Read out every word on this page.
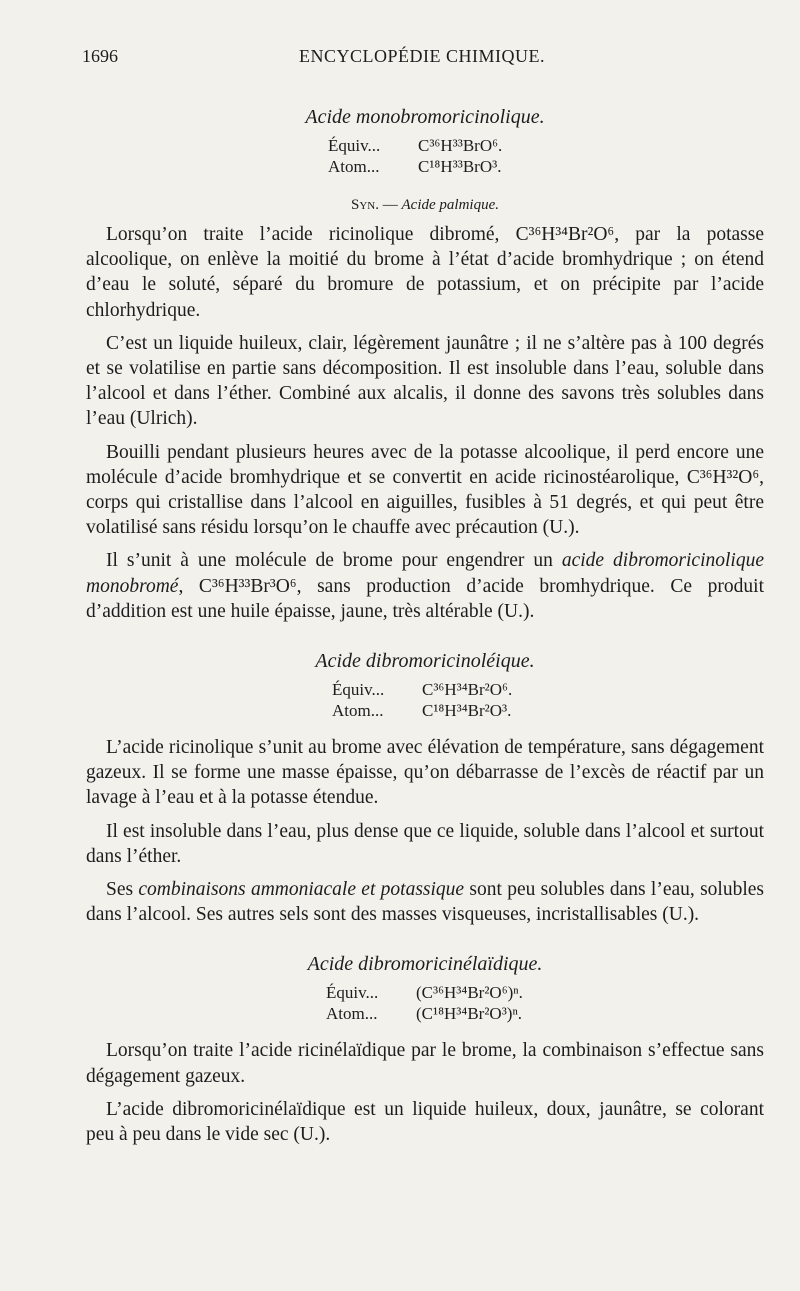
1696	ENCYCLOPÉDIE CHIMIQUE.
Acide monobromoricinolique.
Équiv... C³⁶H³³BrO⁶.
Atom... C¹⁸H³³BrO³.
Syn. — Acide palmique.

Lorsqu’on traite l’acide ricinolique dibromé, C³⁶H³⁴Br²O⁶, par la potasse alcoolique, on enlève la moitié du brome à l’état d’acide bromhydrique ; on étend d’eau le soluté, séparé du bromure de potassium, et on précipite par l’acide chlorhydrique.

C’est un liquide huileux, clair, légèrement jaunâtre ; il ne s’altère pas à 100 degrés et se volatilise en partie sans décomposition. Il est insoluble dans l’eau, soluble dans l’alcool et dans l’éther. Combiné aux alcalis, il donne des savons très solubles dans l’eau (Ulrich).

Bouilli pendant plusieurs heures avec de la potasse alcoolique, il perd encore une molécule d’acide bromhydrique et se convertit en acide ricinostéarolique, C³⁶H³²O⁶, corps qui cristallise dans l’alcool en aiguilles, fusibles à 51 degrés, et qui peut être volatilisé sans résidu lorsqu’on le chauffe avec précaution (U.).

Il s’unit à une molécule de brome pour engendrer un acide dibromoricinolique monobromé, C³⁶H³³Br³O⁶, sans production d’acide bromhydrique. Ce produit d’addition est une huile épaisse, jaune, très altérable (U.).

Acide dibromoricinoléique.
Équiv... C³⁶H³⁴Br²O⁶.
Atom... C¹⁸H³⁴Br²O³.

L’acide ricinolique s’unit au brome avec élévation de température, sans dégagement gazeux. Il se forme une masse épaisse, qu’on débarrasse de l’excès de réactif par un lavage à l’eau et à la potasse étendue.

Il est insoluble dans l’eau, plus dense que ce liquide, soluble dans l’alcool et surtout dans l’éther.

Ses combinaisons ammoniacale et potassique sont peu solubles dans l’eau, solubles dans l’alcool. Ses autres sels sont des masses visqueuses, incristallisables (U.).

Acide dibromoricinélaïdique.
Équiv... (C³⁶H³⁴Br²O⁶)ⁿ.
Atom... (C¹⁸H³⁴Br²O³)ⁿ.

Lorsqu’on traite l’acide ricinélaïdique par le brome, la combinaison s’effectue sans dégagement gazeux.

L’acide dibromoricinélaïdique est un liquide huileux, doux, jaunâtre, se colorant peu à peu dans le vide sec (U.).
